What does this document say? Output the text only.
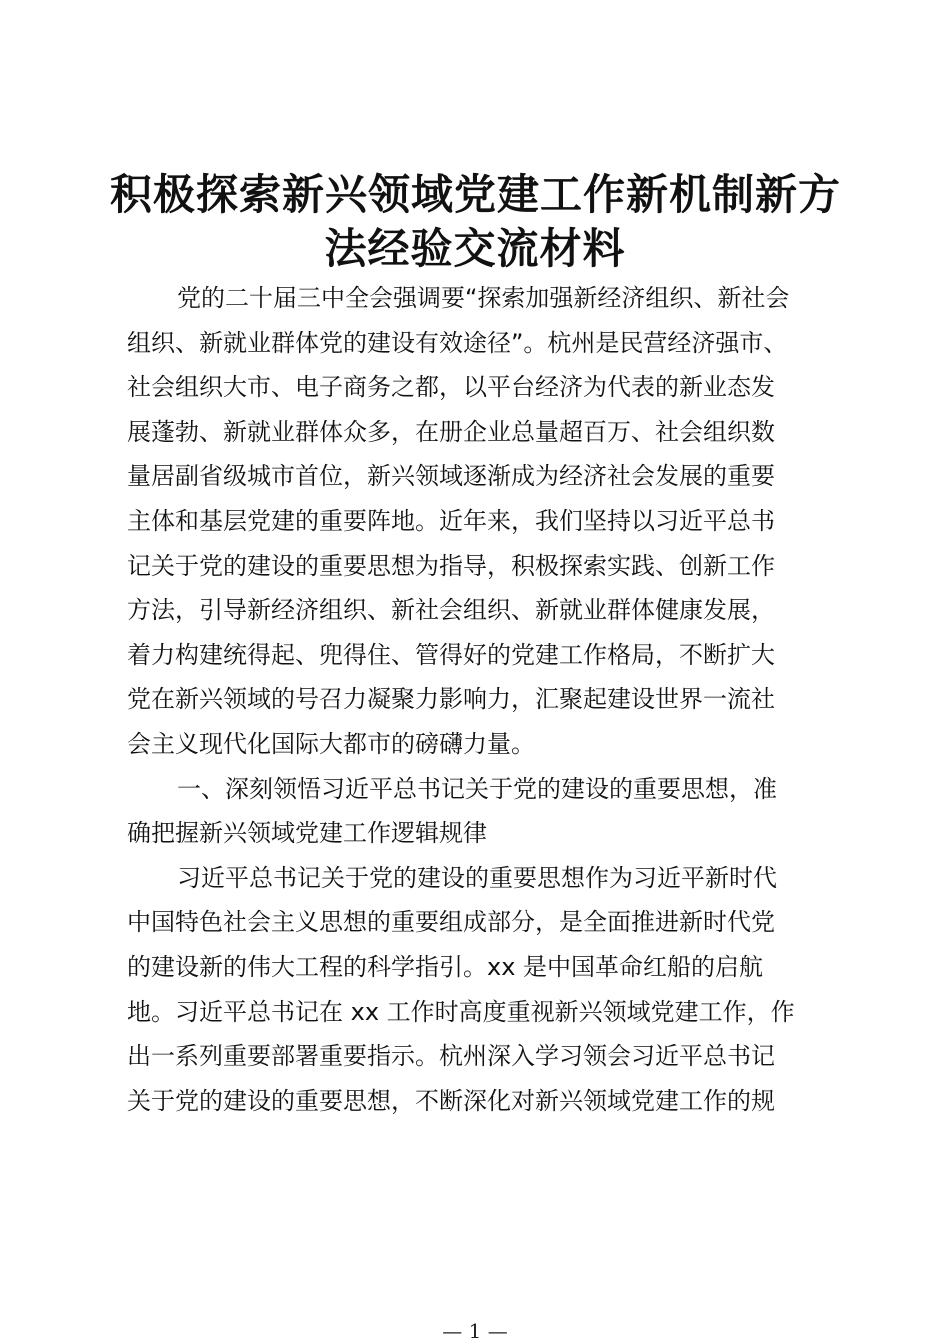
积极探索新兴领域党建工作新机制新方
法经验交流材料

党的二十届三中全会强调要“探索加强新经济组织、新社会
组织、新就业群体党的建设有效途径”。杭州是民营经济强市、
社会组织大市、电子商务之都，以平台经济为代表的新业态发
展蓬勃、新就业群体众多，在册企业总量超百万、社会组织数
量居副省级城市首位，新兴领域逐渐成为经济社会发展的重要
主体和基层党建的重要阵地。近年来，我们坚持以习近平总书
记关于党的建设的重要思想为指导，积极探索实践、创新工作
方法，引导新经济组织、新社会组织、新就业群体健康发展，
着力构建统得起、兜得住、管得好的党建工作格局，不断扩大
党在新兴领域的号召力凝聚力影响力，汇聚起建设世界一流社
会主义现代化国际大都市的磅礴力量。

一、深刻领悟习近平总书记关于党的建设的重要思想，准
确把握新兴领域党建工作逻辑规律

习近平总书记关于党的建设的重要思想作为习近平新时代
中国特色社会主义思想的重要组成部分，是全面推进新时代党
的建设新的伟大工程的科学指引。xx 是中国革命红船的启航
地。习近平总书记在 xx 工作时高度重视新兴领域党建工作，作
出一系列重要部署重要指示。杭州深入学习领会习近平总书记
关于党的建设的重要思想，不断深化对新兴领域党建工作的规

— 1 —
